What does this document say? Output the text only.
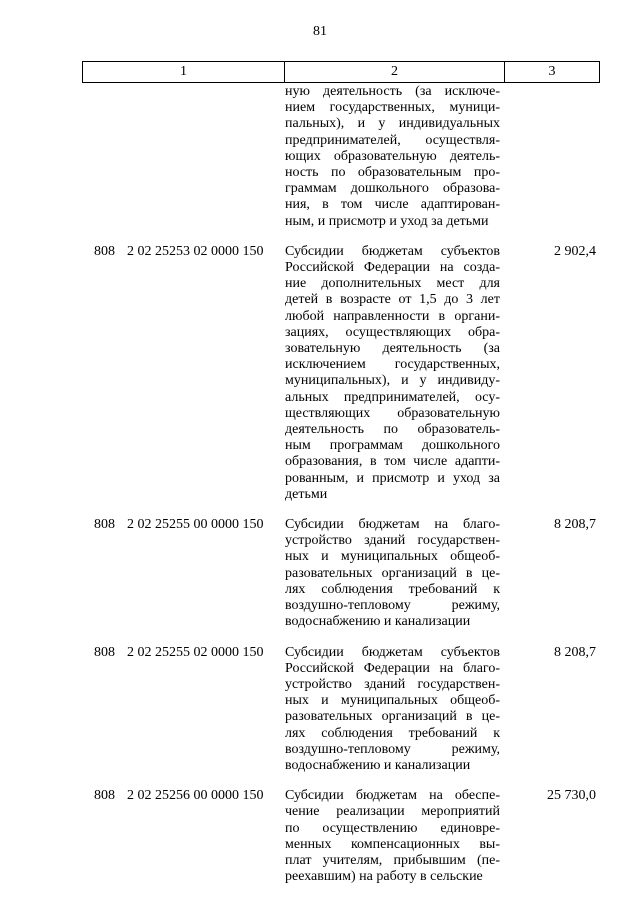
81
1	2	3
ную деятельность (за исключе-
нием государственных, муници-
пальных), и у индивидуальных
предпринимателей, осуществля-
ющих образовательную деятель-
ность по образовательным про-
граммам дошкольного образова-
ния, в том числе адаптирован-
ным, и присмотр и уход за детьми
808 2 02 25253 02 0000 150 Субсидии бюджетам субъектов
Российской Федерации на созда-
ние дополнительных мест для
детей в возрасте от 1,5 до 3 лет
любой направленности в органи-
зациях, осуществляющих обра-
зовательную деятельность (за
исключением государственных,
муниципальных), и у индивиду-
альных предпринимателей, осу-
ществляющих образовательную
деятельность по образователь-
ным программам дошкольного
образования, в том числе адапти-
рованным, и присмотр и уход за
детьми
2 902,4
808 2 02 25255 00 0000 150 Субсидии бюджетам на благо-
устройство зданий государствен-
ных и муниципальных общеоб-
разовательных организаций в це-
лях соблюдения требований к
воздушно-тепловому режиму,
водоснабжению и канализации
8 208,7
808 2 02 25255 02 0000 150 Субсидии бюджетам субъектов
Российской Федерации на благо-
устройство зданий государствен-
ных и муниципальных общеоб-
разовательных организаций в це-
лях соблюдения требований к
воздушно-тепловому режиму,
водоснабжению и канализации
8 208,7
808 2 02 25256 00 0000 150 Субсидии бюджетам на обеспе-
чение реализации мероприятий
по осуществлению единовре-
менных компенсационных вы-
плат учителям, прибывшим (пе-
реехавшим) на работу в сельские
25 730,0
